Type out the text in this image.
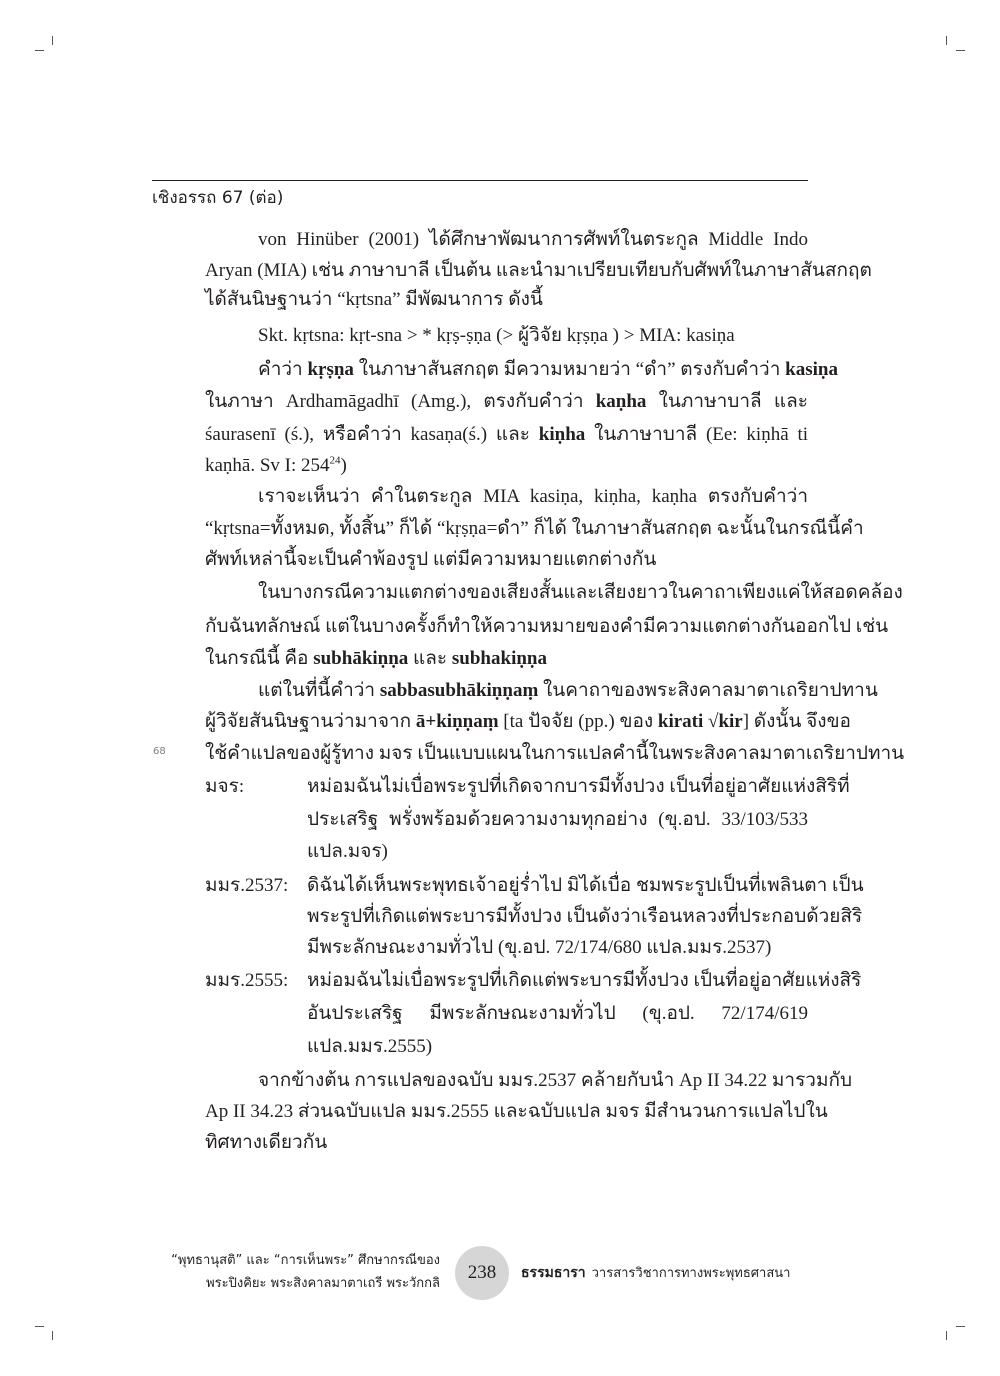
เชิงอรรถ 67 (ต่อ)
von Hinüber (2001) ได้ศึกษาพัฒนาการศัพท์ในตระกูล Middle Indo
Aryan (MIA) เช่น ภาษาบาลี เป็นต้น และนำมาเปรียบเทียบกับศัพท์ในภาษาสันสกฤต
ได้สันนิษฐานว่า “kṛtsna” มีพัฒนาการ ดังนี้
Skt. kṛtsna: kṛt-sna > * kṛṣ-ṣṇa (> ผู้วิจัย kṛṣṇa ) > MIA: kasiṇa
คำว่า kṛṣṇa ในภาษาสันสกฤต มีความหมายว่า “ดำ” ตรงกับคำว่า kasiṇa
ในภาษา Ardhamāgadhī (Amg.), ตรงกับคำว่า kaṇha ในภาษาบาลี และ
śaurasenī (ś.), หรือคำว่า kasaṇa(ś.) และ kiṇha ในภาษาบาลี (Ee: kiṇhā ti
kaṇhā. Sv I: $254^{24}$)
เราจะเห็นว่า คำในตระกูล MIA kasiṇa, kiṇha, kaṇha ตรงกับคำว่า
“kṛtsna=ทั้งหมด, ทั้งสิ้น” ก็ได้ “kṛṣṇa=ดำ” ก็ได้ ในภาษาสันสกฤต ฉะนั้นในกรณีนี้คำ
ศัพท์เหล่านี้จะเป็นคำพ้องรูป แต่มีความหมายแตกต่างกัน
ในบางกรณีความแตกต่างของเสียงสั้นและเสียงยาวในคาถาเพียงแค่ให้สอดคล้อง
กับฉันทลักษณ์ แต่ในบางครั้งก็ทำให้ความหมายของคำมีความแตกต่างกันออกไป เช่น
ในกรณีนี้ คือ subhākiṇṇa และ subhakiṇṇa
แต่ในที่นี้คำว่า sabbasubhākiṇṇaṃ ในคาถาของพระสิงคาลมาตาเถริยาปทาน
ผู้วิจัยสันนิษฐานว่ามาจาก ā+kiṇṇaṃ [ta ปัจจัย (pp.) ของ kirati √kir] ดังนั้น จึงขอ
ใช้คำแปลของผู้รู้ทาง มจร เป็นแบบแผนในการแปลคำนี้ในพระสิงคาลมาตาเถริยาปทาน
68
มจร:	หม่อมฉันไม่เบื่อพระรูปที่เกิดจากบารมีทั้งปวง เป็นที่อยู่อาศัยแห่งสิริที่
ประเสริฐ พรั่งพร้อมด้วยความงามทุกอย่าง (ขุ.อป. 33/103/533
แปล.มจร)
มมร.2537: ดิฉันได้เห็นพระพุทธเจ้าอยู่ร่ำไป มิได้เบื่อ ชมพระรูปเป็นที่เพลินตา เป็น
พระรูปที่เกิดแต่พระบารมีทั้งปวง เป็นดังว่าเรือนหลวงที่ประกอบด้วยสิริ
มีพระลักษณะงามทั่วไป (ขุ.อป. 72/174/680 แปล.มมร.2537)
มมร.2555: หม่อมฉันไม่เบื่อพระรูปที่เกิดแต่พระบารมีทั้งปวง เป็นที่อยู่อาศัยแห่งสิริ
อันประเสริฐ มีพระลักษณะงามทั่วไป (ขุ.อป. 72/174/619
แปล.มมร.2555)
จากข้างต้น การแปลของฉบับ มมร.2537 คล้ายกับนำ Ap II 34.22 มารวมกับ
Ap II 34.23 ส่วนฉบับแปล มมร.2555 และฉบับแปล มจร มีสำนวนการแปลไปใน
ทิศทางเดียวกัน
“พุทธานุสติ” และ “การเห็นพระ” ศึกษากรณีของ
พระปิงคิยะ พระสิงคาลมาตาเถรี พระวักกลิ
238 ธรรมธารา วารสารวิชาการทางพระพุทธศาสนา
